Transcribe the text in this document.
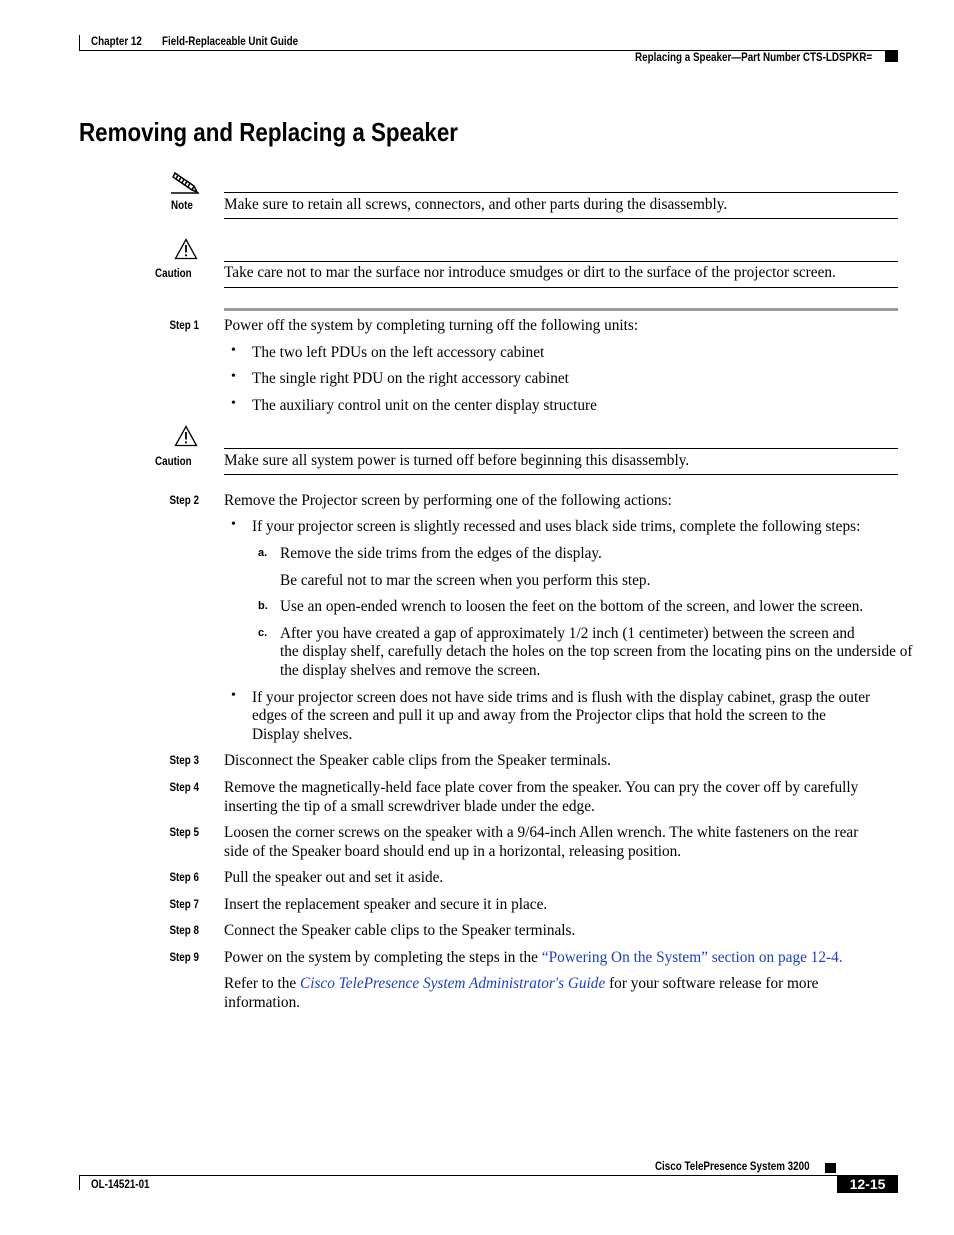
Chapter 12 Field-Replaceable Unit Guide
Replacing a Speaker—Part Number CTS-LDSPKR=
Removing and Replacing a Speaker
Note Make sure to retain all screws, connectors, and other parts during the disassembly.
Caution Take care not to mar the surface nor introduce smudges or dirt to the surface of the projector screen.
Step 1 Power off the system by completing turning off the following units:
• The two left PDUs on the left accessory cabinet
• The single right PDU on the right accessory cabinet
• The auxiliary control unit on the center display structure
Caution Make sure all system power is turned off before beginning this disassembly.
Step 2 Remove the Projector screen by performing one of the following actions:
• If your projector screen is slightly recessed and uses black side trims, complete the following steps:
a. Remove the side trims from the edges of the display.
Be careful not to mar the screen when you perform this step.
b. Use an open-ended wrench to loosen the feet on the bottom of the screen, and lower the screen.
c. After you have created a gap of approximately 1/2 inch (1 centimeter) between the screen and
the display shelf, carefully detach the holes on the top screen from the locating pins on the underside of
the display shelves and remove the screen.
• If your projector screen does not have side trims and is flush with the display cabinet, grasp the outer
edges of the screen and pull it up and away from the Projector clips that hold the screen to the
Display shelves.
Step 3 Disconnect the Speaker cable clips from the Speaker terminals.
Step 4 Remove the magnetically-held face plate cover from the speaker. You can pry the cover off by carefully
inserting the tip of a small screwdriver blade under the edge.
Step 5 Loosen the corner screws on the speaker with a 9/64-inch Allen wrench. The white fasteners on the rear
side of the Speaker board should end up in a horizontal, releasing position.
Step 6 Pull the speaker out and set it aside.
Step 7 Insert the replacement speaker and secure it in place.
Step 8 Connect the Speaker cable clips to the Speaker terminals.
Step 9 Power on the system by completing the steps in the “Powering On the System” section on page 12-4.
Refer to the Cisco TelePresence System Administrator's Guide for your software release for more
information.
Cisco TelePresence System 3200
OL-14521-01	12-15
